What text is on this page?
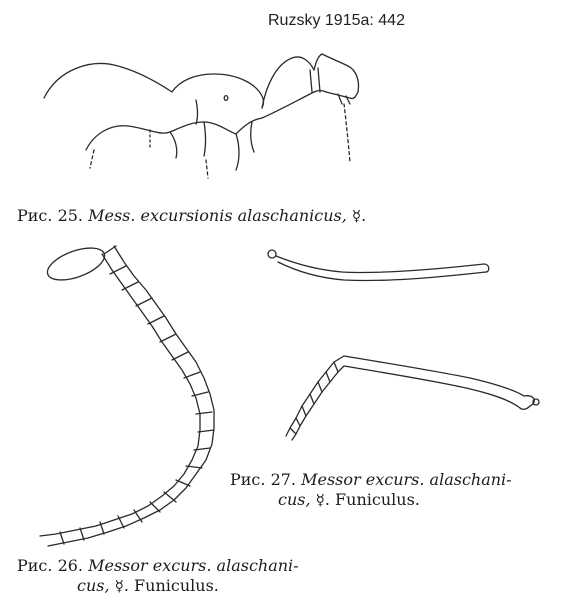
Ruzsky 1915a: 442
Рис. 25. Mess. excursionis alaschanicus, ☿.
Рис. 27. Messor excurs. alaschani-
cus, ☿. Funiculus.
Рис. 26. Messor excurs. alaschani-
cus, ☿. Funiculus.
